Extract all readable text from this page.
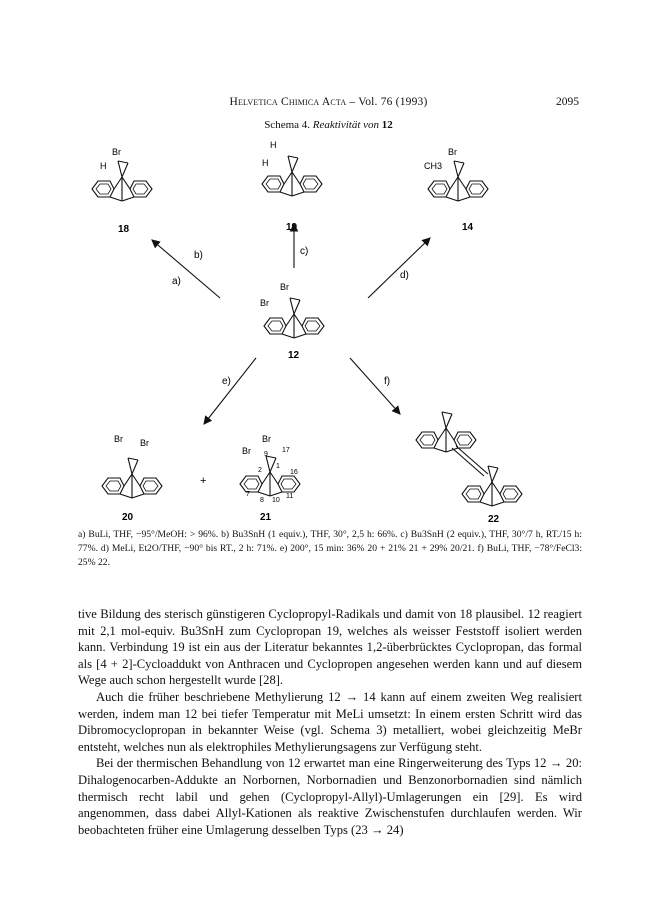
Helvetica Chimica Acta – Vol. 76 (1993)	2095
Schema 4. Reaktivität von 12
Br
H
18
H
H
19
Br
CH3
14
b)
a)
c)
d)
Br
Br
12
e)	f)
Br Br
20
+
Br
Br	17
9
2
1
16
7
8 10
11
21	22
a) BuLi, THF, −95°/MeOH: > 96%. b) Bu3SnH (1 equiv.), THF, 30°, 2,5 h: 66%. c) Bu3SnH (2 equiv.), THF, 30°/7 h, RT./15 h: 77%. d) MeLi, Et2O/THF, −90° bis RT., 2 h: 71%. e) 200°, 15 min: 36% 20 + 21% 21 + 29% 20/21. f) BuLi, THF, −78°/FeCl3: 25% 22.

tive Bildung des sterisch günstigeren Cyclopropyl-Radikals und damit von 18 plausibel. 12 reagiert mit 2,1 mol-equiv. Bu3SnH zum Cyclopropan 19, welches als weisser Feststoff isoliert werden kann. Verbindung 19 ist ein aus der Literatur bekanntes 1,2-überbrücktes Cyclopropan, das formal als [4 + 2]-Cycloaddukt von Anthracen und Cyclopropen angesehen werden kann und auf diesem Wege auch schon hergestellt wurde [28].

Auch die früher beschriebene Methylierung 12 → 14 kann auf einem zweiten Weg realisiert werden, indem man 12 bei tiefer Temperatur mit MeLi umsetzt: In einem ersten Schritt wird das Dibromocyclopropan in bekannter Weise (vgl. Schema 3) metalliert, wobei gleichzeitig MeBr entsteht, welches nun als elektrophiles Methylierungsagens zur Verfügung steht.

Bei der thermischen Behandlung von 12 erwartet man eine Ringerweiterung des Typs 12 → 20: Dihalogenocarben-Addukte an Norbornen, Norbornadien und Benzonorbornadien sind nämlich thermisch recht labil und gehen (Cyclopropyl-Allyl)-Umlagerungen ein [29]. Es wird angenommen, dass dabei Allyl-Kationen als reaktive Zwischenstufen durchlaufen werden. Wir beobachteten früher eine Umlagerung desselben Typs (23 → 24)
